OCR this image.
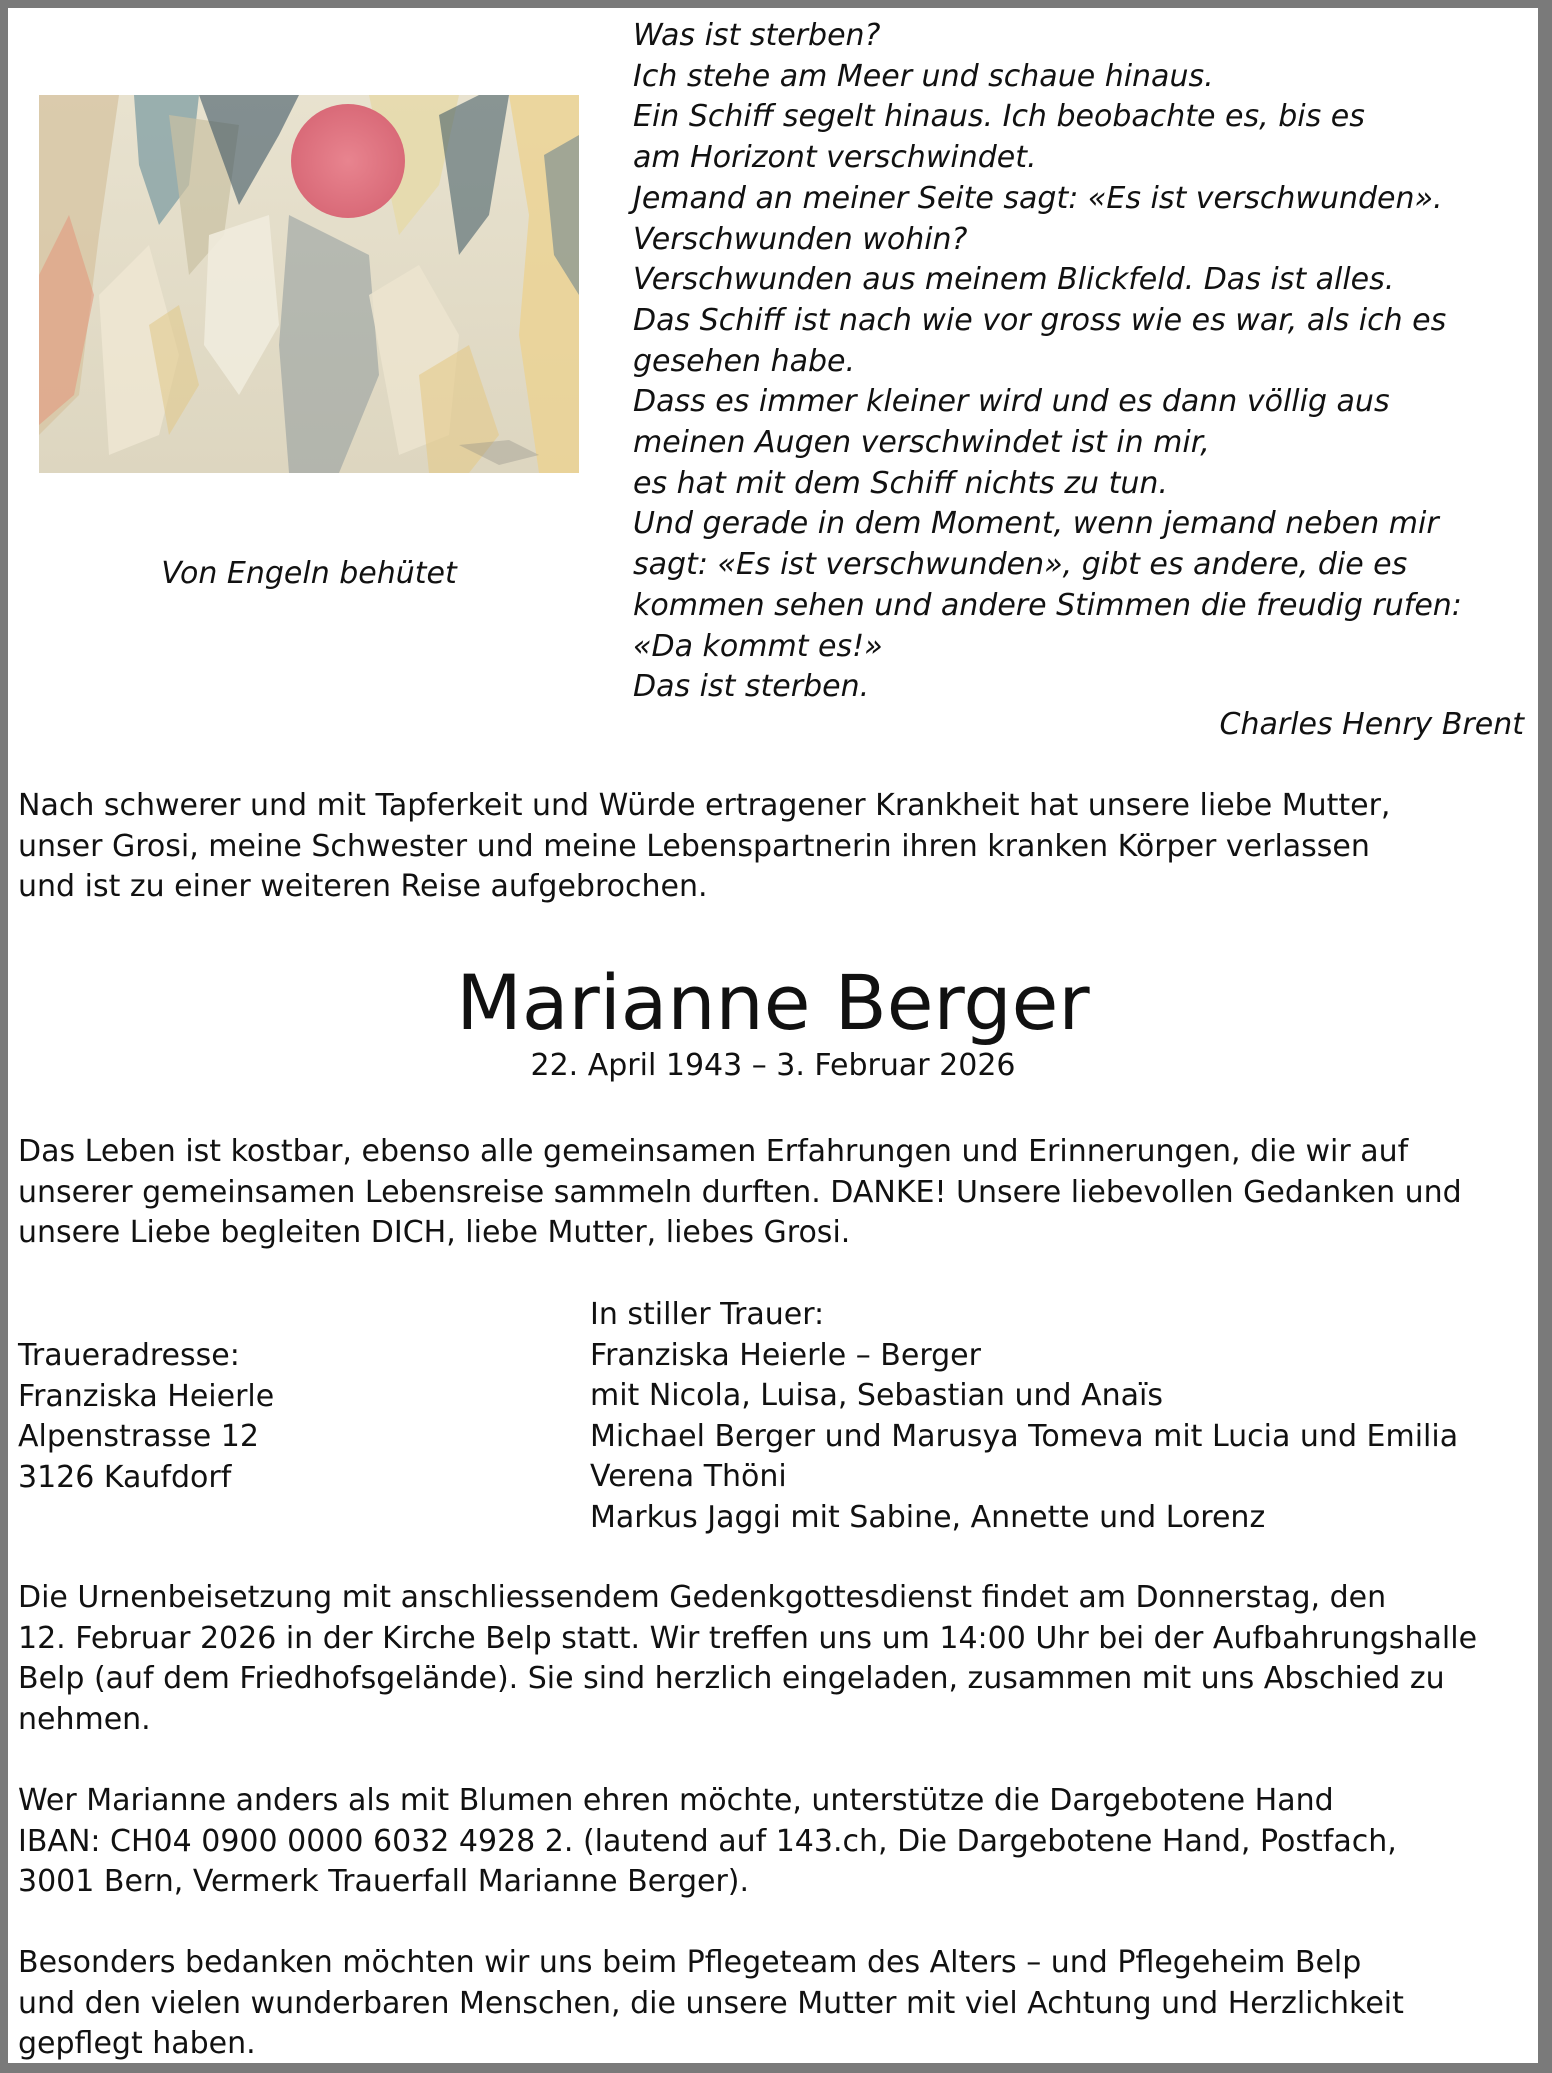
Von Engeln behütet
Was ist sterben?
Ich stehe am Meer und schaue hinaus.
Ein Schiff segelt hinaus. Ich beobachte es, bis es
am Horizont verschwindet.
Jemand an meiner Seite sagt: «Es ist verschwunden».
Verschwunden wohin?
Verschwunden aus meinem Blickfeld. Das ist alles.
Das Schiff ist nach wie vor gross wie es war, als ich es
gesehen habe.
Dass es immer kleiner wird und es dann völlig aus
meinen Augen verschwindet ist in mir,
es hat mit dem Schiff nichts zu tun.
Und gerade in dem Moment, wenn jemand neben mir
sagt: «Es ist verschwunden», gibt es andere, die es
kommen sehen und andere Stimmen die freudig rufen:
«Da kommt es!»
Das ist sterben.
Charles Henry Brent
Nach schwerer und mit Tapferkeit und Würde ertragener Krankheit hat unsere liebe Mutter,
unser Grosi, meine Schwester und meine Lebenspartnerin ihren kranken Körper verlassen
und ist zu einer weiteren Reise aufgebrochen.
Marianne Berger
22. April 1943 – 3. Februar 2026
Das Leben ist kostbar, ebenso alle gemeinsamen Erfahrungen und Erinnerungen, die wir auf
unserer gemeinsamen Lebensreise sammeln durften. DANKE! Unsere liebevollen Gedanken und
unsere Liebe begleiten DICH, liebe Mutter, liebes Grosi.
Traueradresse:
Franziska Heierle
Alpenstrasse 12
3126 Kaufdorf
In stiller Trauer:
Franziska Heierle – Berger
mit Nicola, Luisa, Sebastian und Anaïs
Michael Berger und Marusya Tomeva mit Lucia und Emilia
Verena Thöni
Markus Jaggi mit Sabine, Annette und Lorenz
Die Urnenbeisetzung mit anschliessendem Gedenkgottesdienst findet am Donnerstag, den
12. Februar 2026 in der Kirche Belp statt. Wir treffen uns um 14:00 Uhr bei der Aufbahrungshalle
Belp (auf dem Friedhofsgelände). Sie sind herzlich eingeladen, zusammen mit uns Abschied zu
nehmen.
Wer Marianne anders als mit Blumen ehren möchte, unterstütze die Dargebotene Hand
IBAN: CH04 0900 0000 6032 4928 2. (lautend auf 143.ch, Die Dargebotene Hand, Postfach,
3001 Bern, Vermerk Trauerfall Marianne Berger).
Besonders bedanken möchten wir uns beim Pflegeteam des Alters – und Pflegeheim Belp
und den vielen wunderbaren Menschen, die unsere Mutter mit viel Achtung und Herzlichkeit
gepflegt haben.
